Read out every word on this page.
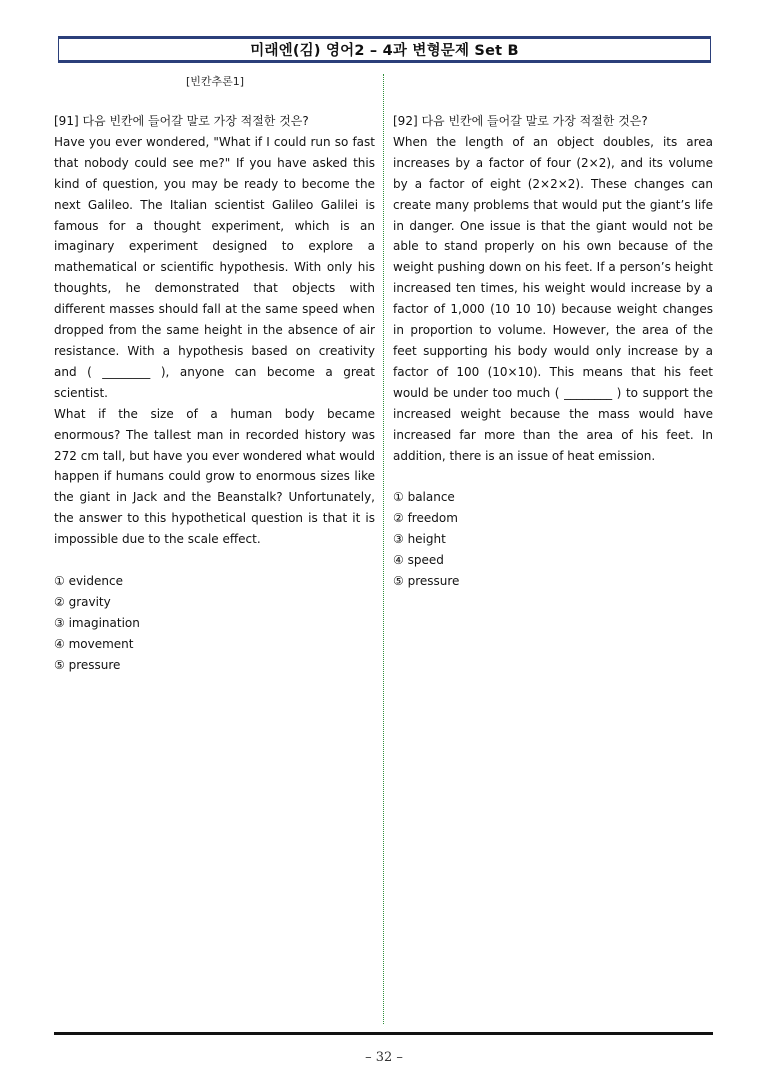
미래엔(김) 영어2 – 4과 변형문제 Set B
[빈칸추론1]
[91] 다음 빈칸에 들어갈 말로 가장 적절한 것은?

Have you ever wondered, "What if I could run so fast that nobody could see me?" If you have asked this kind of question, you may be ready to become the next Galileo. The Italian scientist Galileo Galilei is famous for a thought experiment, which is an imaginary experiment designed to explore a mathematical or scientific hypothesis. With only his thoughts, he demonstrated that objects with different masses should fall at the same speed when dropped from the same height in the absence of air resistance. With a hypothesis based on creativity and ( ________ ), anyone can become a great scientist.

What if the size of a human body became enormous? The tallest man in recorded history was 272 cm tall, but have you ever wondered what would happen if humans could grow to enormous sizes like the giant in Jack and the Beanstalk? Unfortunately, the answer to this hypothetical question is that it is impossible due to the scale effect.

① evidence

② gravity

③ imagination

④ movement

⑤ pressure

[92] 다음 빈칸에 들어갈 말로 가장 적절한 것은?

When the length of an object doubles, its area increases by a factor of four (2×2), and its volume by a factor of eight (2×2×2). These changes can create many problems that would put the giant’s life in danger. One issue is that the giant would not be able to stand properly on his own because of the weight pushing down on his feet. If a person’s height increased ten times, his weight would increase by a factor of 1,000 (10 10 10) because weight changes in proportion to volume. However, the area of the feet supporting his body would only increase by a factor of 100 (10×10). This means that his feet would be under too much ( ________ ) to support the increased weight because the mass would have increased far more than the area of his feet. In addition, there is an issue of heat emission.

① balance

② freedom

③ height

④ speed

⑤ pressure

– 32 –
